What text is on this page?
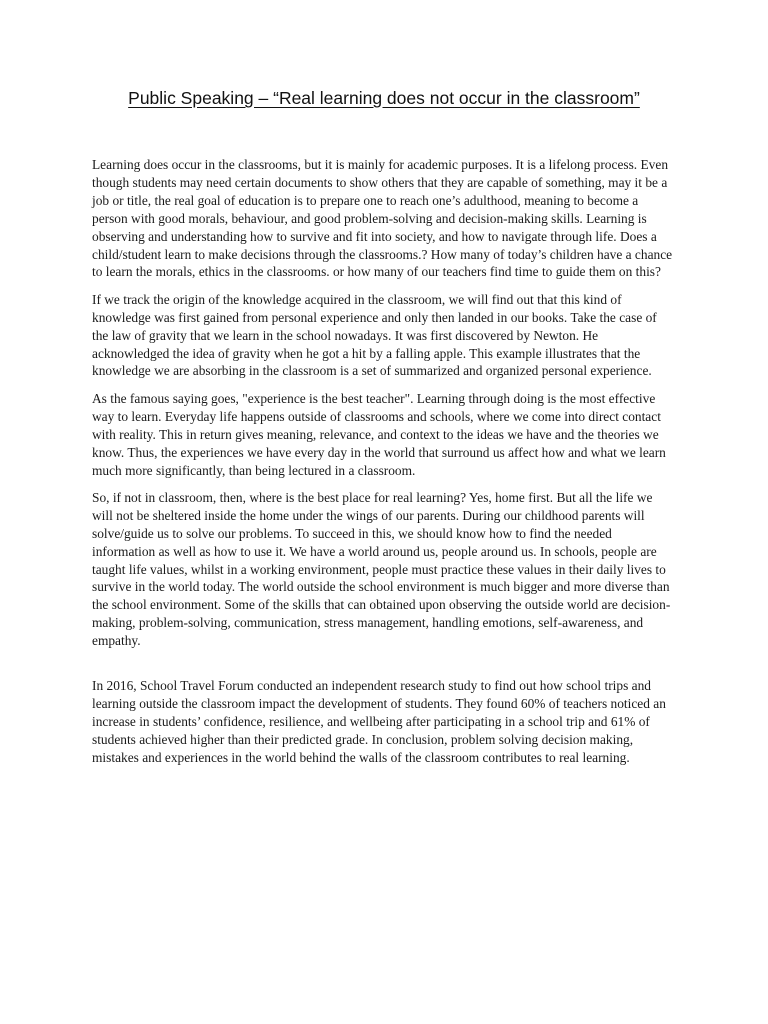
Public Speaking – “Real learning does not occur in the classroom”

Learning does occur in the classrooms, but it is mainly for academic purposes. It is a lifelong process. Even though students may need certain documents to show others that they are capable of something, may it be a job or title, the real goal of education is to prepare one to reach one’s adulthood, meaning to become a person with good morals, behaviour, and good problem-solving and decision-making skills. Learning is observing and understanding how to survive and fit into society, and how to navigate through life. Does a child/student learn to make decisions through the classrooms.? How many of today’s children have a chance to learn the morals, ethics in the classrooms. or how many of our teachers find time to guide them on this?

If we track the origin of the knowledge acquired in the classroom, we will find out that this kind of knowledge was first gained from personal experience and only then landed in our books. Take the case of the law of gravity that we learn in the school nowadays. It was first discovered by Newton. He acknowledged the idea of gravity when he got a hit by a falling apple. This example illustrates that the knowledge we are absorbing in the classroom is a set of summarized and organized personal experience.

As the famous saying goes, "experience is the best teacher". Learning through doing is the most effective way to learn. Everyday life happens outside of classrooms and schools, where we come into direct contact with reality. This in return gives meaning, relevance, and context to the ideas we have and the theories we know. Thus, the experiences we have every day in the world that surround us affect how and what we learn much more significantly, than being lectured in a classroom.

So, if not in classroom, then, where is the best place for real learning? Yes, home first. But all the life we will not be sheltered inside the home under the wings of our parents. During our childhood parents will solve/guide us to solve our problems. To succeed in this, we should know how to find the needed information as well as how to use it. We have a world around us, people around us. In schools, people are taught life values, whilst in a working environment, people must practice these values in their daily lives to survive in the world today. The world outside the school environment is much bigger and more diverse than the school environment. Some of the skills that can obtained upon observing the outside world are decision-making, problem-solving, communication, stress management, handling emotions, self-awareness, and empathy.

In 2016, School Travel Forum conducted an independent research study to find out how school trips and learning outside the classroom impact the development of students. They found 60% of teachers noticed an increase in students’ confidence, resilience, and wellbeing after participating in a school trip and 61% of students achieved higher than their predicted grade. In conclusion, problem solving decision making, mistakes and experiences in the world behind the walls of the classroom contributes to real learning.
